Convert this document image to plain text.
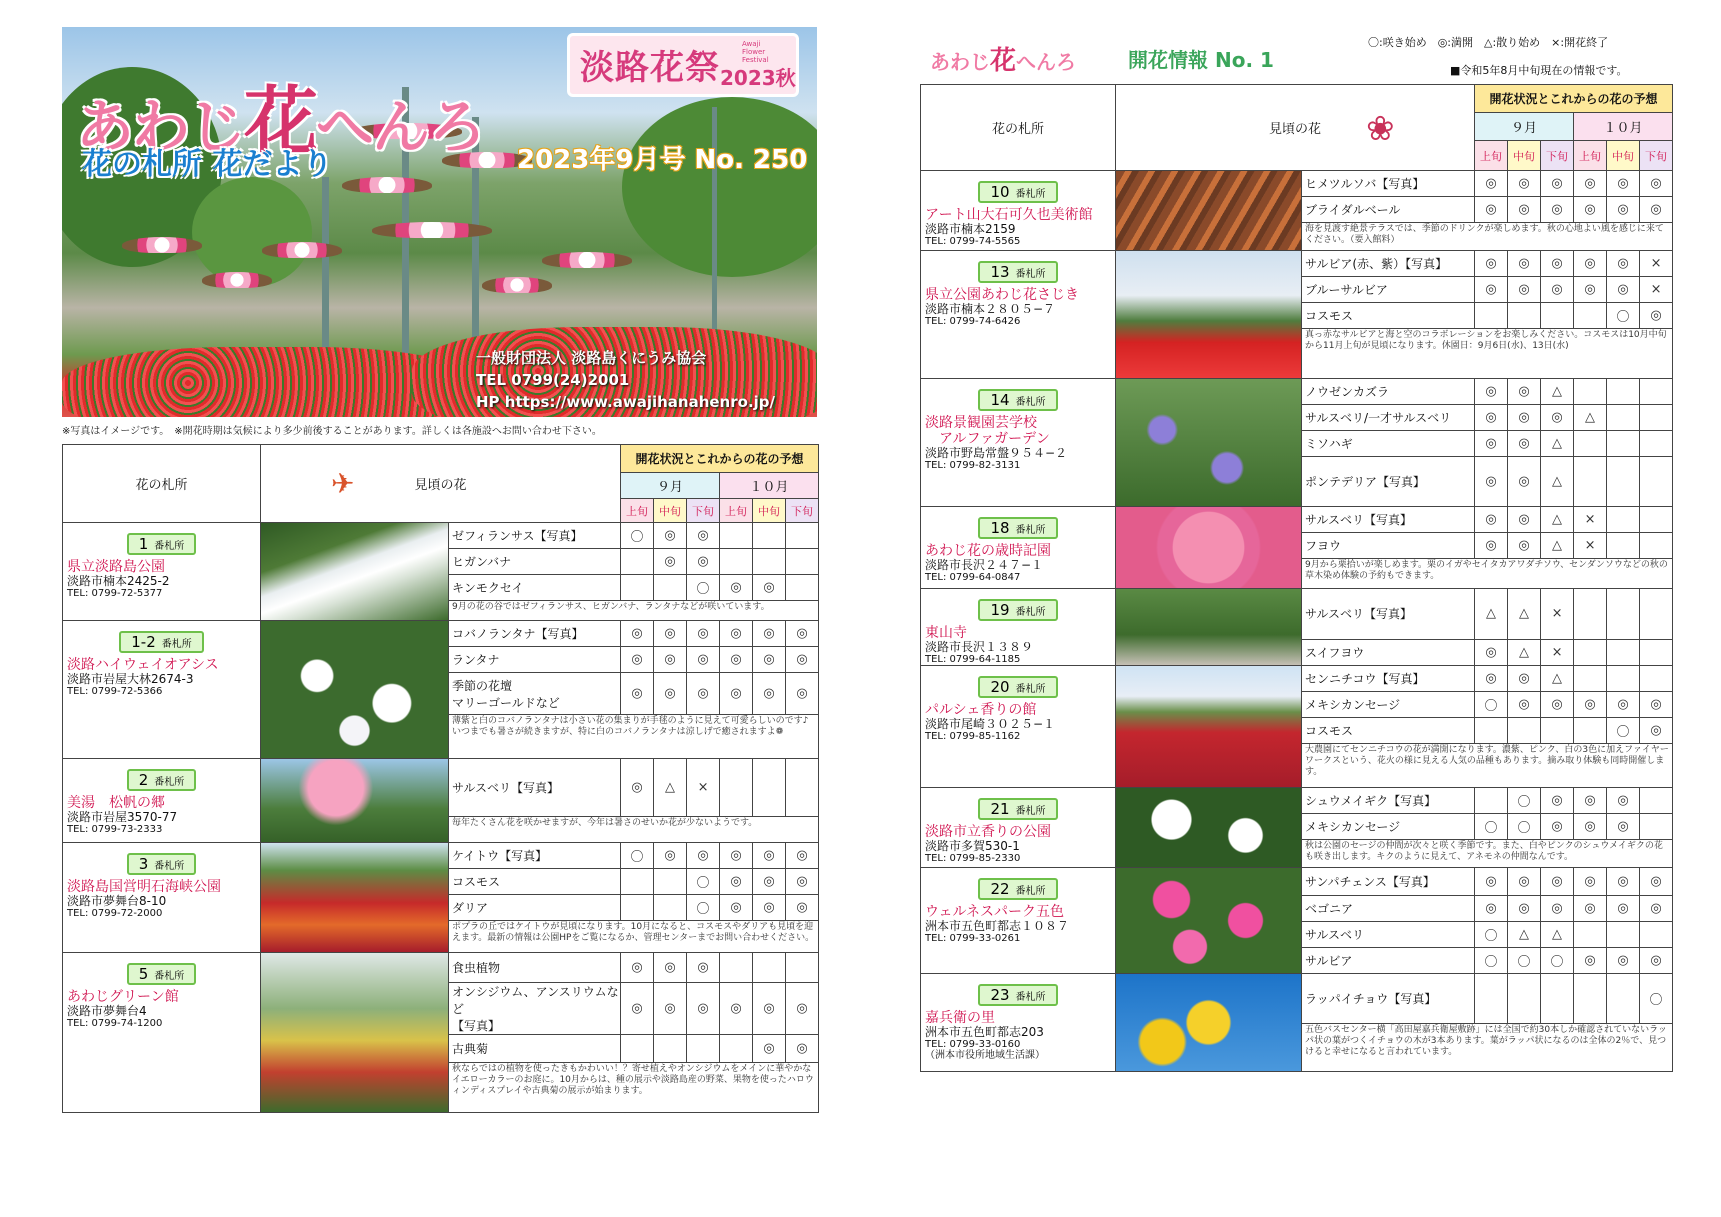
あわじ花へんろ
花の札所 花だより
淡路花祭
Awaji Flower Festival
2023秋
2023年9月号 No. 250
一般財団法人 淡路島くにうみ協会
TEL 0799(24)2001
HP https://www.awajihanahenro.jp/
※写真はイメージです。　※開花時期は気候により多少前後することがあります。詳しくは各施設へお問い合わせ下さい。
花の札所	見頃の花
✈		開花状況とこれからの花の予想					
			９月			１０月		
			上旬	中旬	下旬	上旬	中旬	下旬

1 番札所
県立淡路島公園
淡路市楠本2425-2
TEL: 0799-72-5377		ゼフィランサス【写真】	〇	◎	◎			
		ヒガンバナ		◎	◎			
		キンモクセイ			〇	◎	◎	
		9月の花の谷ではゼフィランサス、ヒガンバナ、ランタナなどが咲いています。						

1-2 番札所
淡路ハイウェイオアシス
淡路市岩屋大林2674-3
TEL: 0799-72-5366		コバノランタナ【写真】	◎	◎	◎	◎	◎	◎
		ランタナ	◎	◎	◎	◎	◎	◎
		季節の花壇
マリーゴールドなど	◎	◎	◎	◎	◎	◎
		薄紫と白のコバノランタナは小さい花の集まりが手毬のように見えて可愛らしいのです♪いつまでも暑さが続きますが、特に白のコバノランタナは涼しげで癒されますよ❁						

2 番札所
美湯　松帆の郷
淡路市岩屋3570-77
TEL: 0799-73-2333		サルスベリ【写真】	◎	△	×			
		毎年たくさん花を咲かせますが、今年は暑さのせいか花が少ないようです。						

3 番札所
淡路島国営明石海峡公園
淡路市夢舞台8-10
TEL: 0799-72-2000		ケイトウ【写真】	〇	◎	◎	◎	◎	◎
		コスモス			〇	◎	◎	◎
		ダリア			〇	◎	◎	◎
		ポプラの丘ではケイトウが見頃になります。10月になると、コスモスやダリアも見頃を迎えます。最新の情報は公園HPをご覧になるか、管理センターまでお問い合わせください。						

5 番札所
あわじグリーン館
淡路市夢舞台4
TEL: 0799-74-1200		食虫植物	◎	◎	◎			
		オンシジウム、アンスリウムなど
【写真】	◎	◎	◎	◎	◎	◎
		古典菊					◎	◎
		秋ならではの植物を使ったきもかわいい！？寄せ植えやオンシジウムをメインに華やかなイエローカラーのお庭に。10月からは、種の展示や淡路島産の野菜、果物を使ったハロウィンディスプレイや古典菊の展示が始まります。						
あわじ花へんろ	開花情報 No. 1
〇:咲き始め　◎:満開　△:散り始め　×:開花終了
■令和5年8月中旬現在の情報です。
花の札所	見頃の花 ❀		開花状況とこれからの花の予想					
			９月			１０月		
			上旬	中旬	下旬	上旬	中旬	下旬

10 番札所
アート山大石可久也美術館
淡路市楠本2159
TEL: 0799-74-5565		ヒメツルソバ【写真】	◎	◎	◎	◎	◎	◎
		ブライダルベール	◎	◎	◎	◎	◎	◎
		海を見渡す絶景テラスでは、季節のドリンクが楽しめます。秋の心地よい風を感じに来てください。（要入館料）						

13 番札所
県立公園あわじ花さじき
淡路市楠本２８０５−７
TEL: 0799-74-6426		サルビア(赤、紫）【写真】	◎	◎	◎	◎	◎	×
		ブルーサルビア	◎	◎	◎	◎	◎	×
		コスモス					〇	◎
		真っ赤なサルビアと海と空のコラボレーションをお楽しみください。コスモスは10月中旬から11月上旬が見頃になります。休園日：9月6日(水)、13日(水)						

14 番札所
淡路景観園芸学校
　アルファガーデン
淡路市野島常盤９５４−２
TEL: 0799-82-3131		ノウゼンカズラ	◎	◎	△			
		サルスベリ/一才サルスベリ	◎	◎	◎	△		
		ミソハギ	◎	◎	△			
		ポンテデリア【写真】	◎	◎	△			

18 番札所
あわじ花の歳時記園
淡路市長沢２４７−１
TEL: 0799-64-0847		サルスベリ【写真】	◎	◎	△	×		
		フヨウ	◎	◎	△	×		
		9月から栗拾いが楽しめます。栗のイガやセイタカアワダチソウ、センダンソウなどの秋の草木染め体験の予約もできます。						

19 番札所
東山寺
淡路市長沢１３８９
TEL: 0799-64-1185		サルスベリ【写真】	△	△	×			
		スイフヨウ	◎	△	×			

20 番札所
パルシェ香りの館
淡路市尾崎３０２５−１
TEL: 0799-85-1162		センニチコウ【写真】	◎	◎	△			
		メキシカンセージ	〇	◎	◎	◎	◎	◎
		コスモス					〇	◎
		大農園にてセンニチコウの花が満開になります。濃紫、ピンク、白の3色に加えファイヤーワークスという、花火の様に見える人気の品種もあります。摘み取り体験も同時開催します。						

21 番札所
淡路市立香りの公園
淡路市多賀530-1
TEL: 0799-85-2330		シュウメイギク【写真】		〇	◎	◎	◎	
		メキシカンセージ	〇	〇	◎	◎	◎	
		秋は公園のセージの仲間が次々と咲く季節です。また、白やピンクのシュウメイギクの花も咲き出します。キクのように見えて、アネモネの仲間なんです。						

22 番札所
ウェルネスパーク五色
洲本市五色町都志１０８７
TEL: 0799-33-0261		サンパチェンス【写真】	◎	◎	◎	◎	◎	◎
		ベゴニア	◎	◎	◎	◎	◎	◎
		サルスベリ	〇	△	△			
		サルビア	〇	〇	〇	◎	◎	◎

23 番札所
嘉兵衛の里
洲本市五色町都志203
TEL: 0799-33-0160
（洲本市役所地域生活課）		ラッパイチョウ【写真】						〇
		五色バスセンター横「高田屋嘉兵衛屋敷跡」には全国で約30本しか確認されていないラッパ状の葉がつくイチョウの木が3本あります。葉がラッパ状になるのは全体の2％で、見つけると幸せになると言われています。						
